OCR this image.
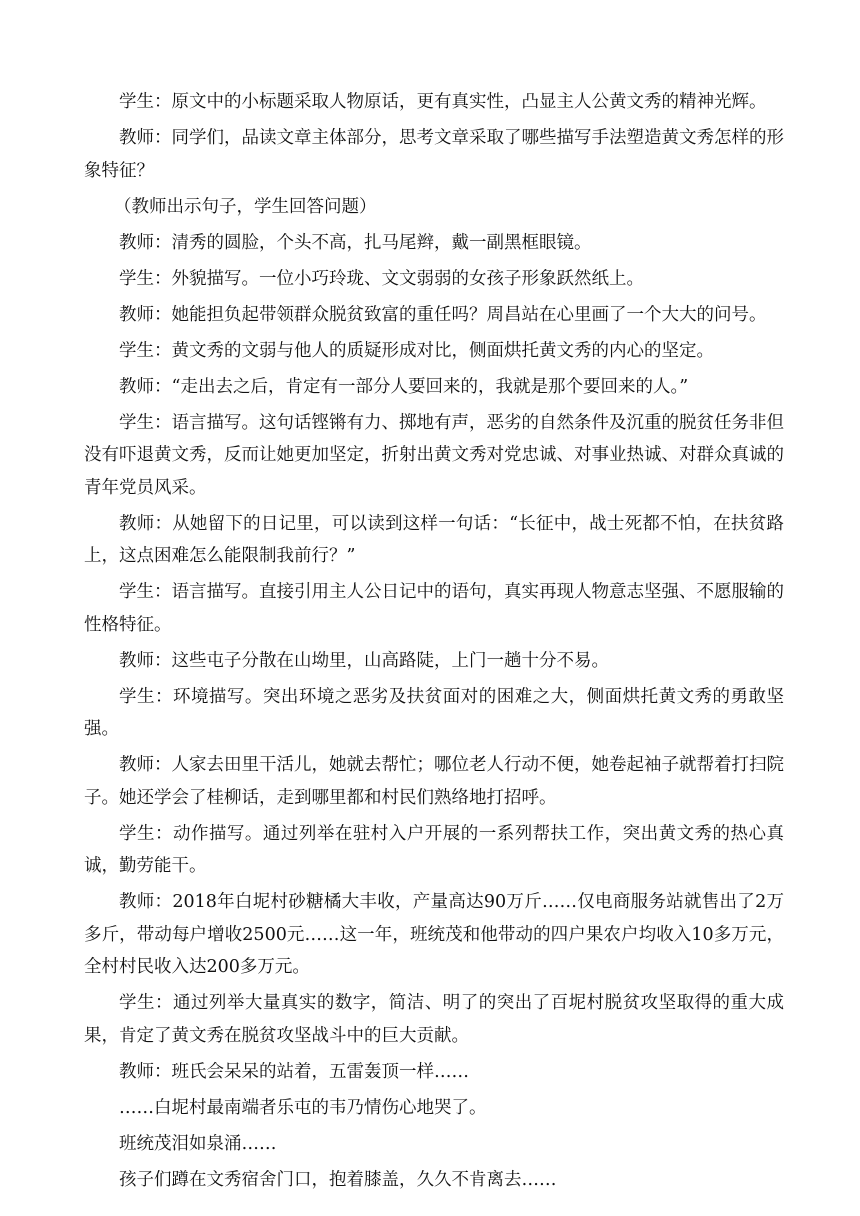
学生：原文中的小标题采取人物原话，更有真实性，凸显主人公黄文秀的精神光辉。

教师：同学们，品读文章主体部分，思考文章采取了哪些描写手法塑造黄文秀怎样的形象特征？

（教师出示句子，学生回答问题）

教师：清秀的圆脸，个头不高，扎马尾辫，戴一副黑框眼镜。

学生：外貌描写。一位小巧玲珑、文文弱弱的女孩子形象跃然纸上。

教师：她能担负起带领群众脱贫致富的重任吗？周昌站在心里画了一个大大的问号。

学生：黄文秀的文弱与他人的质疑形成对比，侧面烘托黄文秀的内心的坚定。

教师：“走出去之后，肯定有一部分人要回来的，我就是那个要回来的人。”

学生：语言描写。这句话铿锵有力、掷地有声，恶劣的自然条件及沉重的脱贫任务非但没有吓退黄文秀，反而让她更加坚定，折射出黄文秀对党忠诚、对事业热诚、对群众真诚的青年党员风采。

教师：从她留下的日记里，可以读到这样一句话：“长征中，战士死都不怕，在扶贫路上，这点困难怎么能限制我前行？”

学生：语言描写。直接引用主人公日记中的语句，真实再现人物意志坚强、不愿服输的性格特征。

教师：这些屯子分散在山坳里，山高路陡，上门一趟十分不易。

学生：环境描写。突出环境之恶劣及扶贫面对的困难之大，侧面烘托黄文秀的勇敢坚强。

教师：人家去田里干活儿，她就去帮忙；哪位老人行动不便，她卷起袖子就帮着打扫院子。她还学会了桂柳话，走到哪里都和村民们熟络地打招呼。

学生：动作描写。通过列举在驻村入户开展的一系列帮扶工作，突出黄文秀的热心真诚，勤劳能干。

教师：2018年白坭村砂糖橘大丰收，产量高达90万斤……仅电商服务站就售出了2万多斤，带动每户增收2500元……这一年，班统茂和他带动的四户果农户均收入10多万元，全村村民收入达200多万元。

学生：通过列举大量真实的数字，简洁、明了的突出了百坭村脱贫攻坚取得的重大成果，肯定了黄文秀在脱贫攻坚战斗中的巨大贡献。

教师：班氏会呆呆的站着，五雷轰顶一样……

……白坭村最南端者乐屯的韦乃情伤心地哭了。

班统茂泪如泉涌……

孩子们蹲在文秀宿舍门口，抱着膝盖，久久不肯离去……
